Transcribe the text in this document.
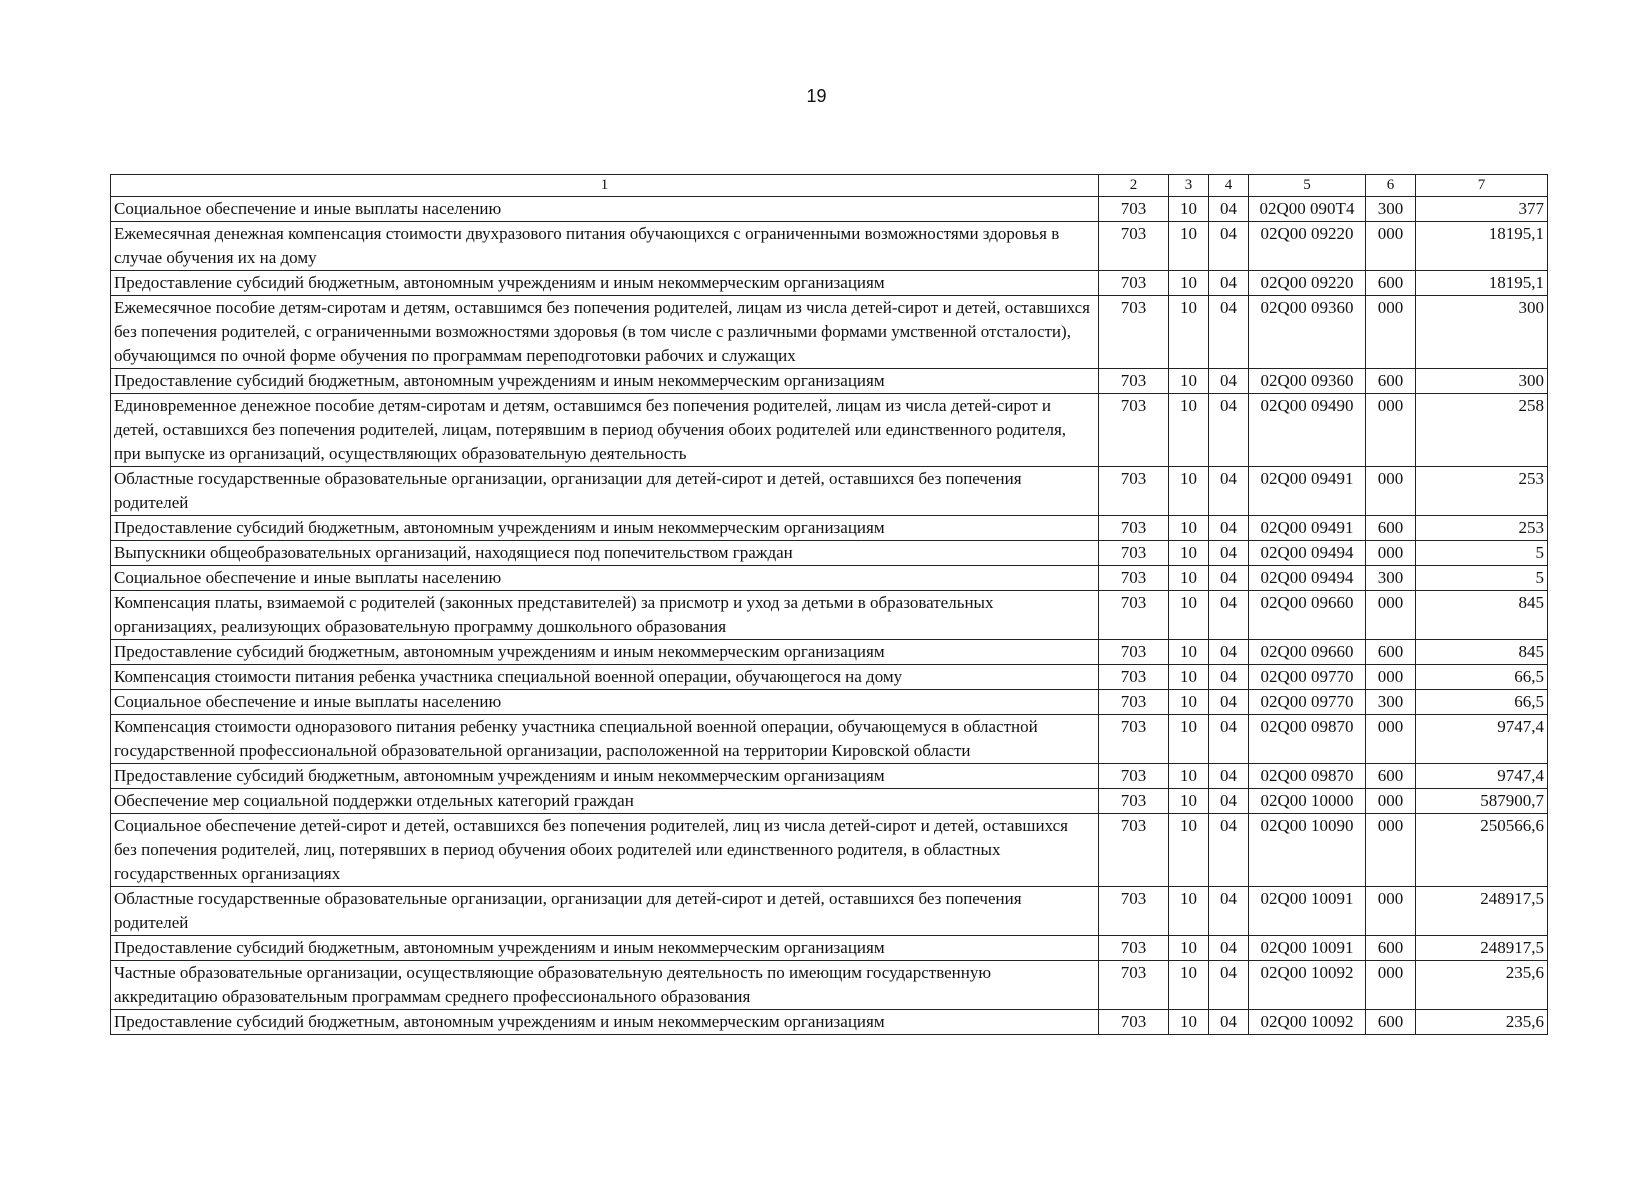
19
1	2	3	4	5	6	7
Социальное обеспечение и иные выплаты населению	703	10	04	02Q00 090T4	300	377
Ежемесячная денежная компенсация стоимости двухразового питания обучающихся с ограниченными возможностями здоровья в случае обучения их на дому	703	10	04	02Q00 09220	000	18195,1
Предоставление субсидий бюджетным, автономным учреждениям и иным некоммерческим организациям	703	10	04	02Q00 09220	600	18195,1
Ежемесячное пособие детям-сиротам и детям, оставшимся без попечения родителей, лицам из числа детей-сирот и детей, оставшихся без попечения родителей, с ограниченными возможностями здоровья (в том числе с различными формами умственной отсталости), обучающимся по очной форме обучения по программам переподготовки рабочих и служащих	703	10	04	02Q00 09360	000	300
Предоставление субсидий бюджетным, автономным учреждениям и иным некоммерческим организациям	703	10	04	02Q00 09360	600	300
Единовременное денежное пособие детям-сиротам и детям, оставшимся без попечения родителей, лицам из числа детей-сирот и детей, оставшихся без попечения родителей, лицам, потерявшим в период обучения обоих родителей или единственного родителя, при выпуске из организаций, осуществляющих образовательную деятельность	703	10	04	02Q00 09490	000	258
Областные государственные образовательные организации, организации для детей-сирот и детей, оставшихся без попечения родителей	703	10	04	02Q00 09491	000	253
Предоставление субсидий бюджетным, автономным учреждениям и иным некоммерческим организациям	703	10	04	02Q00 09491	600	253
Выпускники общеобразовательных организаций, находящиеся под попечительством граждан	703	10	04	02Q00 09494	000	5
Социальное обеспечение и иные выплаты населению	703	10	04	02Q00 09494	300	5
Компенсация платы, взимаемой с родителей (законных представителей) за присмотр и уход за детьми в образовательных организациях, реализующих образовательную программу дошкольного образования	703	10	04	02Q00 09660	000	845
Предоставление субсидий бюджетным, автономным учреждениям и иным некоммерческим организациям	703	10	04	02Q00 09660	600	845
Компенсация стоимости питания ребенка участника специальной военной операции, обучающегося на дому	703	10	04	02Q00 09770	000	66,5
Социальное обеспечение и иные выплаты населению	703	10	04	02Q00 09770	300	66,5
Компенсация стоимости одноразового питания ребенку участника специальной военной операции, обучающемуся в областной государственной профессиональной образовательной организации, расположенной на территории Кировской области	703	10	04	02Q00 09870	000	9747,4
Предоставление субсидий бюджетным, автономным учреждениям и иным некоммерческим организациям	703	10	04	02Q00 09870	600	9747,4
Обеспечение мер социальной поддержки отдельных категорий граждан	703	10	04	02Q00 10000	000	587900,7
Социальное обеспечение детей-сирот и детей, оставшихся без попечения родителей, лиц из числа детей-сирот и детей, оставшихся без попечения родителей, лиц, потерявших в период обучения обоих родителей или единственного родителя, в областных государственных организациях	703	10	04	02Q00 10090	000	250566,6
Областные государственные образовательные организации, организации для детей-сирот и детей, оставшихся без попечения родителей	703	10	04	02Q00 10091	000	248917,5
Предоставление субсидий бюджетным, автономным учреждениям и иным некоммерческим организациям	703	10	04	02Q00 10091	600	248917,5
Частные образовательные организации, осуществляющие образовательную деятельность по имеющим государственную аккредитацию образовательным программам среднего профессионального образования	703	10	04	02Q00 10092	000	235,6
Предоставление субсидий бюджетным, автономным учреждениям и иным некоммерческим организациям	703	10	04	02Q00 10092	600	235,6
